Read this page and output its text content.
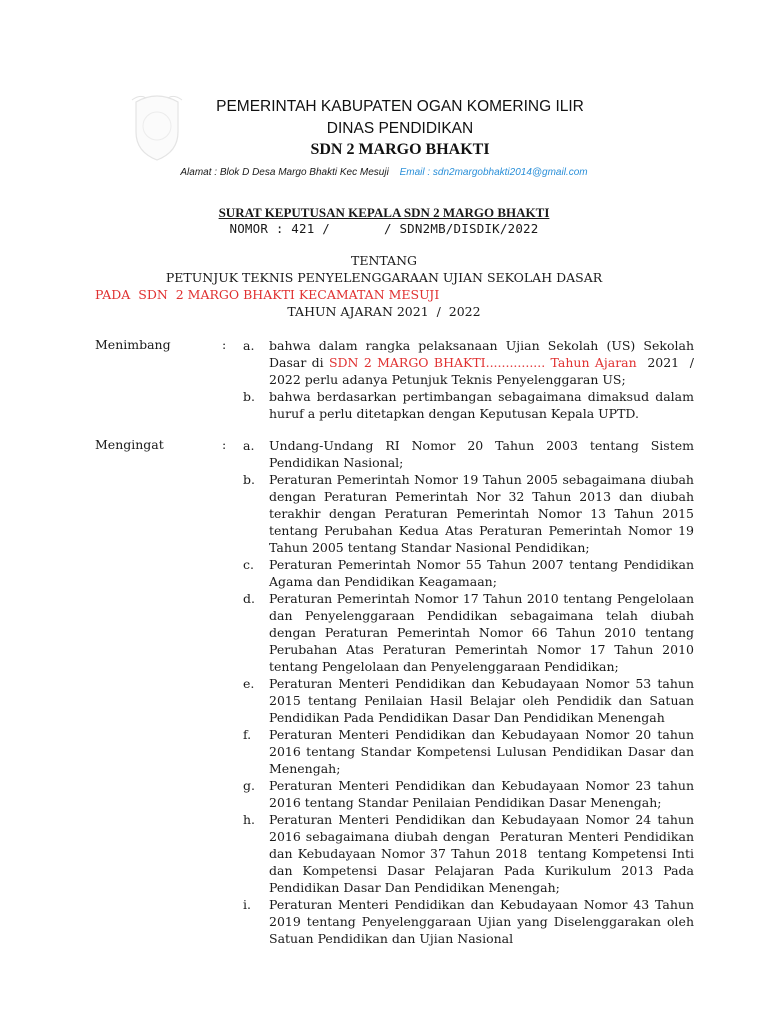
PEMERINTAH KABUPATEN OGAN KOMERING ILIR
DINAS PENDIDIKAN
SDN 2 MARGO BHAKTI
Alamat : Blok D Desa Margo Bhakti Kec Mesuji Email : sdn2margobhakti2014@gmail.com
SURAT KEPUTUSAN KEPALA SDN 2 MARGO BHAKTI
NOMOR : 421 /       / SDN2MB/DISDIK/2022
TENTANG
PETUNJUK TEKNIS PENYELENGGARAAN UJIAN SEKOLAH DASAR
PADA  SDN  2 MARGO BHAKTI KECAMATAN MESUJI
TAHUN AJARAN 2021  /  2022
Menimbang	: a.	bahwa dalam rangka pelaksanaan Ujian Sekolah (US) Sekolah Dasar di SDN 2 MARGO BHAKTI............... Tahun Ajaran  2021  /  2022 perlu adanya Petunjuk Teknis Penyelenggaran US;
b.	bahwa berdasarkan pertimbangan sebagaimana dimaksud dalam huruf a perlu ditetapkan dengan Keputusan Kepala UPTD.
Mengingat	: a.	Undang-Undang RI Nomor 20 Tahun 2003 tentang Sistem Pendidikan Nasional;
b.	Peraturan Pemerintah Nomor 19 Tahun 2005 sebagaimana diubah dengan Peraturan Pemerintah Nor 32 Tahun 2013 dan diubah terakhir dengan Peraturan Pemerintah Nomor 13 Tahun 2015 tentang Perubahan Kedua Atas Peraturan Pemerintah Nomor 19 Tahun 2005 tentang Standar Nasional Pendidikan;
c.	Peraturan Pemerintah Nomor 55 Tahun 2007 tentang Pendidikan Agama dan Pendidikan Keagamaan;
d.	Peraturan Pemerintah Nomor 17 Tahun 2010 tentang Pengelolaan dan Penyelenggaraan Pendidikan sebagaimana telah diubah dengan Peraturan Pemerintah Nomor 66 Tahun 2010 tentang Perubahan Atas Peraturan Pemerintah Nomor 17 Tahun 2010 tentang Pengelolaan dan Penyelenggaraan Pendidikan;
e.	Peraturan Menteri Pendidikan dan Kebudayaan Nomor 53 tahun 2015 tentang Penilaian Hasil Belajar oleh Pendidik dan Satuan Pendidikan Pada Pendidikan Dasar Dan Pendidikan Menengah
f.	Peraturan Menteri Pendidikan dan Kebudayaan Nomor 20 tahun 2016 tentang Standar Kompetensi Lulusan Pendidikan Dasar dan Menengah;
g.	Peraturan Menteri Pendidikan dan Kebudayaan Nomor 23 tahun 2016 tentang Standar Penilaian Pendidikan Dasar Menengah;
h.	Peraturan Menteri Pendidikan dan Kebudayaan Nomor 24 tahun 2016 sebagaimana diubah dengan  Peraturan Menteri Pendidikan dan Kebudayaan Nomor 37 Tahun 2018  tentang Kompetensi Inti dan Kompetensi Dasar Pelajaran Pada Kurikulum 2013 Pada Pendidikan Dasar Dan Pendidikan Menengah;
i.	Peraturan Menteri Pendidikan dan Kebudayaan Nomor 43 Tahun 2019 tentang Penyelenggaraan Ujian yang Diselenggarakan oleh Satuan Pendidikan dan Ujian Nasional
